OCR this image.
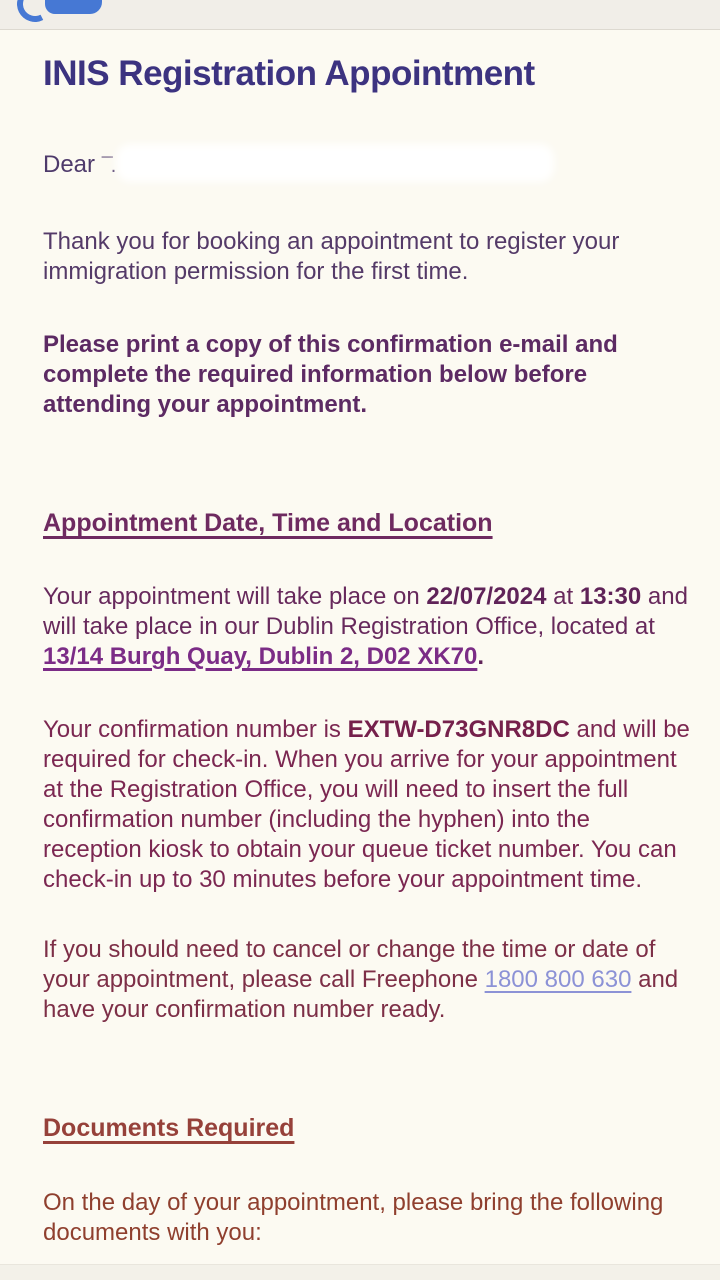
INIS Registration Appointment

Dear ¯.

Thank you for booking an appointment to register your immigration permission for the first time.

Please print a copy of this confirmation e-mail and complete the required information below before attending your appointment.

Appointment Date, Time and Location

Your appointment will take place on 22/07/2024 at 13:30 and will take place in our Dublin Registration Office, located at 13/14 Burgh Quay, Dublin 2, D02 XK70.

Your confirmation number is EXTW-D73GNR8DC and will be required for check-in. When you arrive for your appointment at the Registration Office, you will need to insert the full confirmation number (including the hyphen) into the reception kiosk to obtain your queue ticket number. You can check-in up to 30 minutes before your appointment time.

If you should need to cancel or change the time or date of your appointment, please call Freephone 1800 800 630 and have your confirmation number ready.

Documents Required

On the day of your appointment, please bring the following documents with you:
